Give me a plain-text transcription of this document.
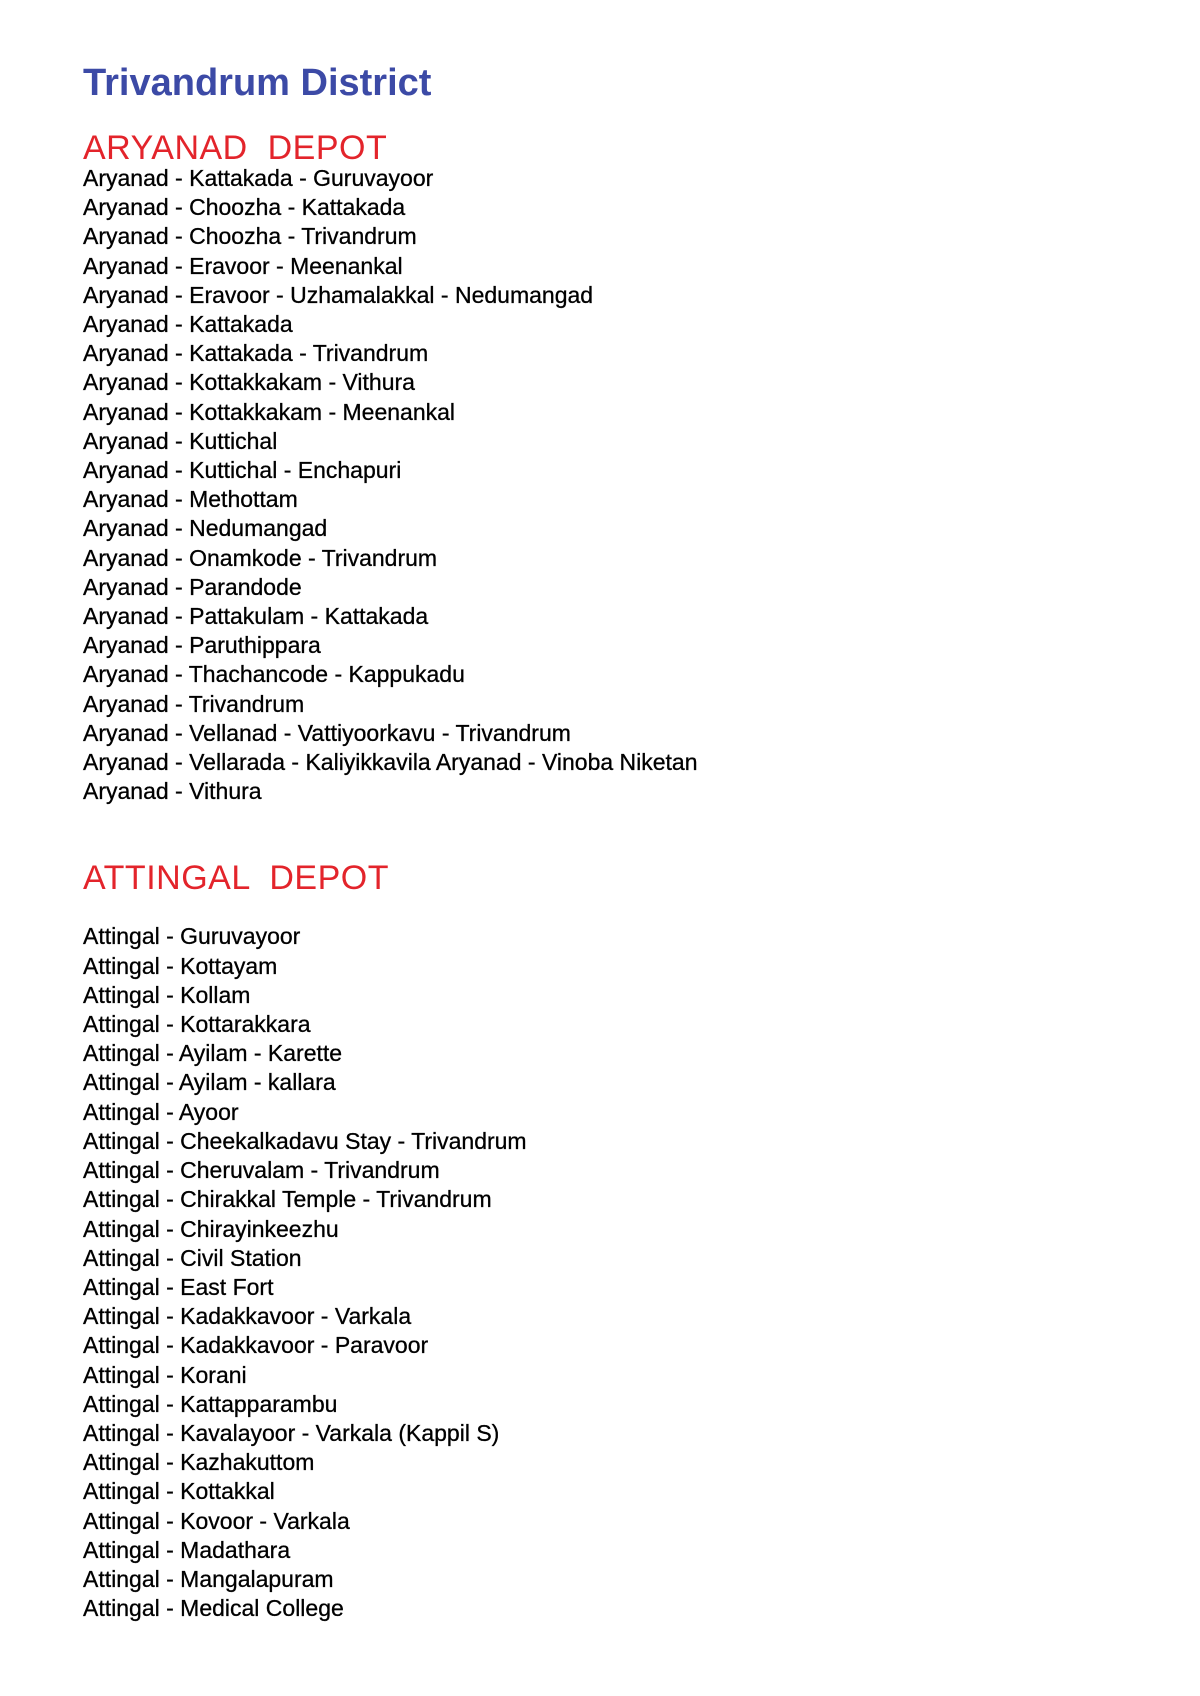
Trivandrum District
ARYANAD  DEPOT
Aryanad - Kattakada - Guruvayoor
Aryanad - Choozha - Kattakada
Aryanad - Choozha - Trivandrum
Aryanad - Eravoor - Meenankal
Aryanad - Eravoor - Uzhamalakkal - Nedumangad
Aryanad - Kattakada
Aryanad - Kattakada - Trivandrum
Aryanad - Kottakkakam - Vithura
Aryanad - Kottakkakam - Meenankal
Aryanad - Kuttichal
Aryanad - Kuttichal - Enchapuri
Aryanad - Methottam
Aryanad - Nedumangad
Aryanad - Onamkode - Trivandrum
Aryanad - Parandode
Aryanad - Pattakulam - Kattakada
Aryanad - Paruthippara
Aryanad - Thachancode - Kappukadu
Aryanad - Trivandrum
Aryanad - Vellanad - Vattiyoorkavu - Trivandrum
Aryanad - Vellarada - Kaliyikkavila Aryanad - Vinoba Niketan
Aryanad - Vithura
ATTINGAL  DEPOT
Attingal - Guruvayoor
Attingal - Kottayam
Attingal - Kollam
Attingal - Kottarakkara
Attingal - Ayilam - Karette
Attingal - Ayilam - kallara
Attingal - Ayoor
Attingal - Cheekalkadavu Stay - Trivandrum
Attingal - Cheruvalam - Trivandrum
Attingal - Chirakkal Temple - Trivandrum
Attingal - Chirayinkeezhu
Attingal - Civil Station
Attingal - East Fort
Attingal - Kadakkavoor - Varkala
Attingal - Kadakkavoor - Paravoor
Attingal - Korani
Attingal - Kattapparambu
Attingal - Kavalayoor - Varkala (Kappil S)
Attingal - Kazhakuttom
Attingal - Kottakkal
Attingal - Kovoor - Varkala
Attingal - Madathara
Attingal - Mangalapuram
Attingal - Medical College
